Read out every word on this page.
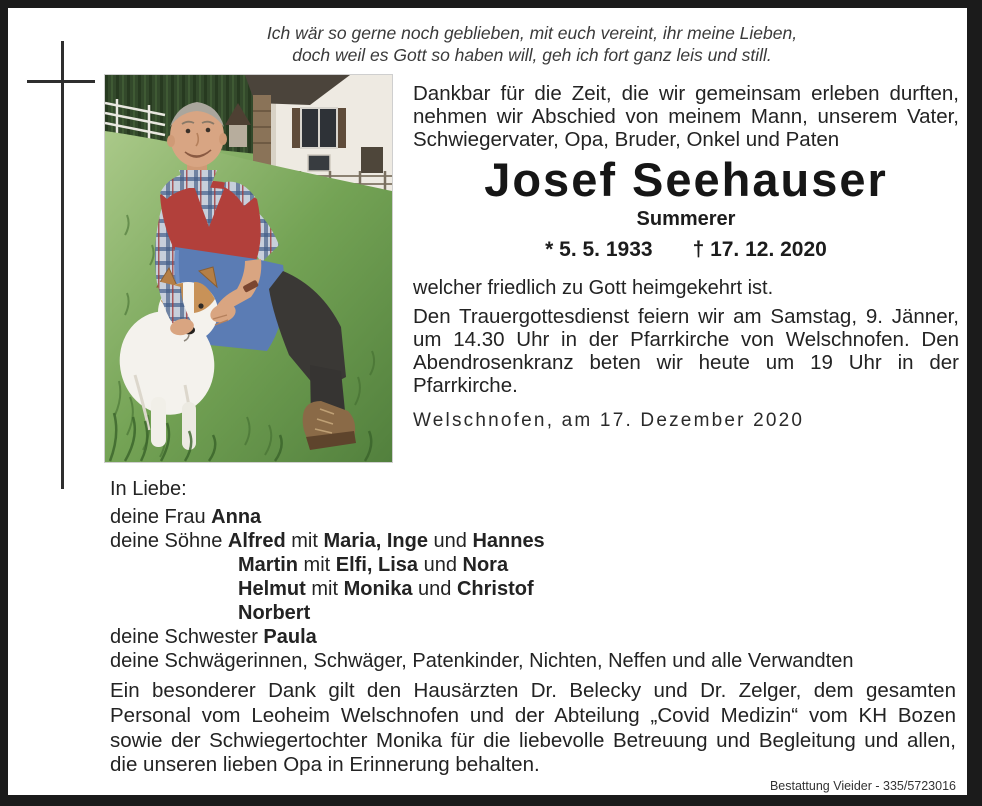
Ich wär so gerne noch geblieben, mit euch vereint, ihr meine Lieben,
doch weil es Gott so haben will, geh ich fort ganz leis und still.

Dankbar für die Zeit, die wir gemeinsam erleben durften, nehmen wir Abschied von meinem Mann, unserem Vater, Schwiegervater, Opa, Bruder, Onkel und Paten

Josef Seehauser
Summerer
* 5. 5. 1933 † 17. 12. 2020

welcher friedlich zu Gott heimgekehrt ist.

Den Trauergottesdienst feiern wir am Samstag, 9. Jänner, um 14.30 Uhr in der Pfarrkirche von Welschnofen. Den Abendrosenkranz beten wir heute um 19 Uhr in der Pfarrkirche.

Welschnofen, am 17. Dezember 2020
In Liebe:
deine Frau Anna
deine Söhne Alfred mit Maria, Inge und Hannes
Martin mit Elfi, Lisa und Nora
Helmut mit Monika und Christof
Norbert
deine Schwester Paula
deine Schwägerinnen, Schwäger, Patenkinder, Nichten, Neffen und alle Verwandten

Ein besonderer Dank gilt den Hausärzten Dr. Belecky und Dr. Zelger, dem gesamten Personal vom Leoheim Welschnofen und der Abteilung „Covid Medizin“ vom KH Bozen sowie der Schwiegertochter Monika für die liebevolle Betreuung und Begleitung und allen, die unseren lieben Opa in Erinnerung behalten.

Bestattung Vieider - 335/5723016
